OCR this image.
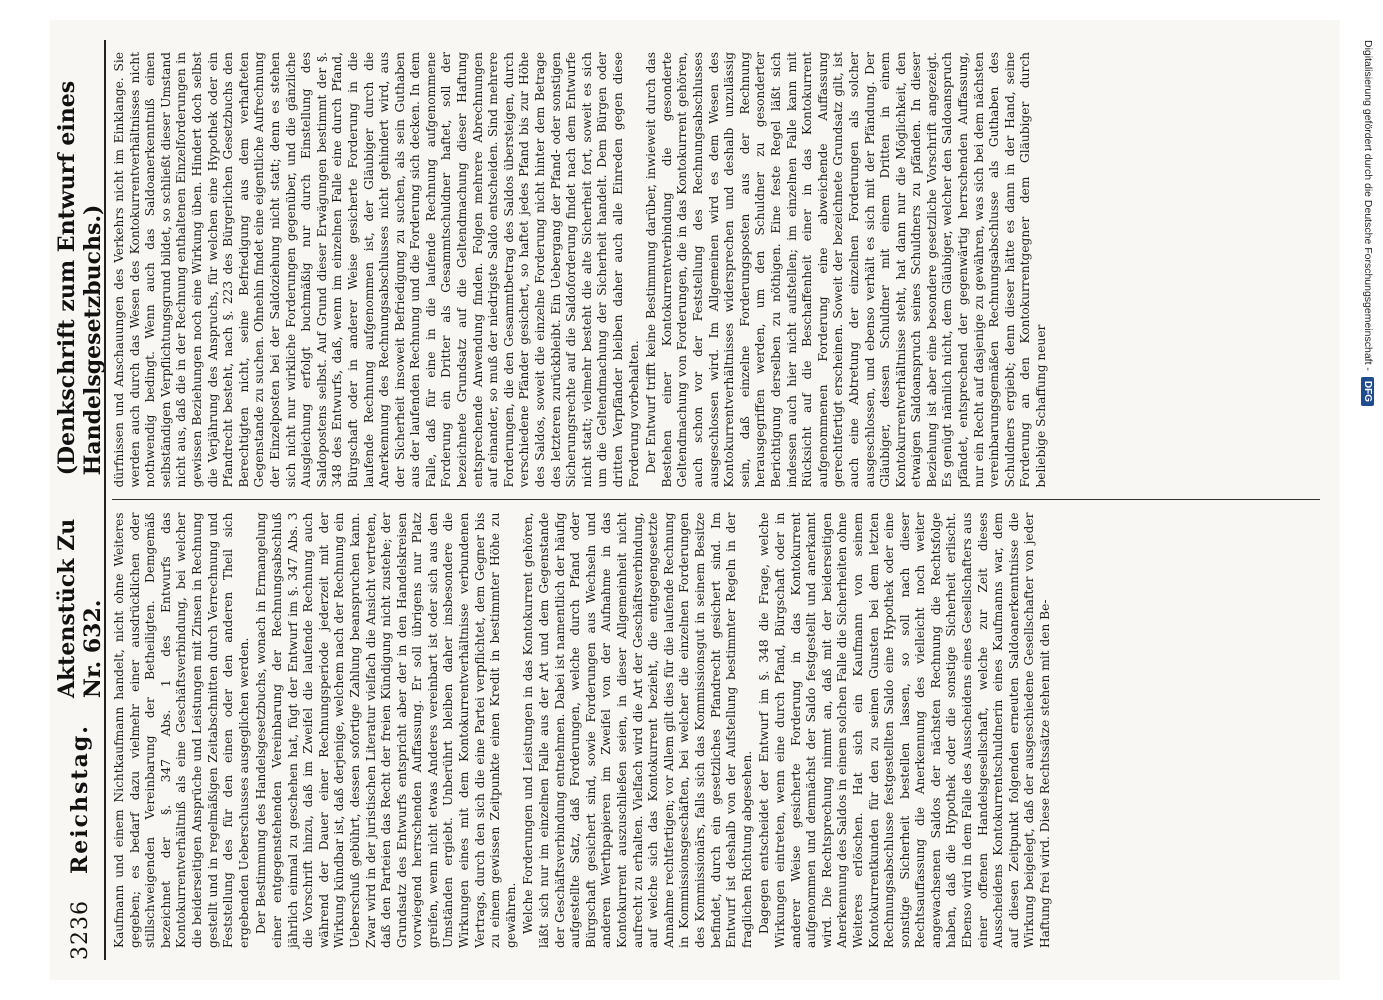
3236
Reichstag.
Aktenstück Zu Nr. 632.
(Denkschrift zum Entwurf eines Handelsgesetzbuchs.)

Kaufmann und einem Nichtkaufmann handelt, nicht ohne Weiteres gegeben; es bedarf dazu vielmehr einer ausdrücklichen oder stillschweigenden Vereinbarung der Betheiligten. Demgemäß bezeichnet der §. 347 Abs. 1 des Entwurfs das Kontokurrentverhältniß als eine Geschäftsverbindung, bei welcher die beiderseitigen Ansprüche und Leistungen mit Zinsen in Rechnung gestellt und in regelmäßigen Zeitabschnitten durch Verrechnung und Feststellung des für den einen oder den anderen Theil sich ergebenden Ueberschusses ausgeglichen werden. Der Bestimmung des Handelsgesetzbuchs, wonach in Ermangelung einer entgegenstehenden Vereinbarung der Rechnungsabschluß jährlich einmal zu geschehen hat, fügt der Entwurf im §. 347 Abs. 3 die Vorschrift hinzu, daß im Zweifel die laufende Rechnung auch während der Dauer einer Rechnungsperiode jederzeit mit der Wirkung kündbar ist, daß derjenige, welchem nach der Rechnung ein Ueberschuß gebührt, dessen sofortige Zahlung beanspruchen kann. Zwar wird in der juristischen Literatur vielfach die Ansicht vertreten, daß den Parteien das Recht der freien Kündigung nicht zustehe; der Grundsatz des Entwurfs entspricht aber der in den Handelskreisen vorwiegend herrschenden Auffassung. Er soll übrigens nur Platz greifen, wenn nicht etwas Anderes vereinbart ist oder sich aus den Umständen ergiebt. Unberührt bleiben daher insbesondere die Wirkungen eines mit dem Kontokurrentverhältnisse verbundenen Vertrags, durch den sich die eine Partei verpflichtet, dem Gegner bis zu einem gewissen Zeitpunkte einen Kredit in bestimmter Höhe zu gewähren. Welche Forderungen und Leistungen in das Kontokurrent gehören, läßt sich nur im einzelnen Falle aus der Art und dem Gegenstande der Geschäftsverbindung entnehmen. Dabei ist namentlich der häufig aufgestellte Satz, daß Forderungen, welche durch Pfand oder Bürgschaft gesichert sind, sowie Forderungen aus Wechseln und anderen Werthpapieren im Zweifel von der Aufnahme in das Kontokurrent auszuschließen seien, in dieser Allgemeinheit nicht aufrecht zu erhalten. Vielfach wird die Art der Geschäftsverbindung, auf welche sich das Kontokurrent bezieht, die entgegengesetzte Annahme rechtfertigen; vor Allem gilt dies für die laufende Rechnung in Kommissionsgeschäften, bei welcher die einzelnen Forderungen des Kommissionärs, falls sich das Kommissionsgut in seinem Besitze befindet, durch ein gesetzliches Pfandrecht gesichert sind. Im Entwurf ist deshalb von der Aufstellung bestimmter Regeln in der fraglichen Richtung abgesehen. Dagegen entscheidet der Entwurf im §. 348 die Frage, welche Wirkungen eintreten, wenn eine durch Pfand, Bürgschaft oder in anderer Weise gesicherte Forderung in das Kontokurrent aufgenommen und demnächst der Saldo festgestellt und anerkannt wird. Die Rechtsprechung nimmt an, daß mit der beiderseitigen Anerkennung des Saldos in einem solchen Falle die Sicherheiten ohne Weiteres erlöschen. Hat sich ein Kaufmann von seinem Kontokurrentkunden für den zu seinen Gunsten bei dem letzten Rechnungsabschlusse festgestellten Saldo eine Hypothek oder eine sonstige Sicherheit bestellen lassen, so soll nach dieser Rechtsauffassung die Anerkennung des vielleicht noch weiter angewachsenen Saldos der nächsten Rechnung die Rechtsfolge haben, daß die Hypothek oder die sonstige Sicherheit erlischt. Ebenso wird in dem Falle des Ausscheidens eines Gesellschafters aus einer offenen Handelsgesellschaft, welche zur Zeit dieses Ausscheidens Kontokurrentschuldnerin eines Kaufmanns war, dem auf diesen Zeitpunkt folgenden erneuten Saldoanerkenntnisse die Wirkung beigelegt, daß der ausgeschiedene Gesellschafter von jeder Haftung frei wird. Diese Rechtssätze stehen mit den Be-

dürfnissen und Anschauungen des Verkehrs nicht im Einklange. Sie werden auch durch das Wesen des Kontokurrentverhältnisses nicht nothwendig bedingt. Wenn auch das Saldoanerkenntniß einen selbständigen Verpflichtungsgrund bildet, so schließt dieser Umstand nicht aus, daß die in der Rechnung enthaltenen Einzelforderungen in gewissen Beziehungen noch eine Wirkung üben. Hindert doch selbst die Verjährung des Anspruchs, für welchen eine Hypothek oder ein Pfandrecht besteht, nach §. 223 des Bürgerlichen Gesetzbuchs den Berechtigten nicht, seine Befriedigung aus dem verhafteten Gegenstande zu suchen. Ohnehin findet eine eigentliche Aufrechnung der Einzelposten bei der Saldoziehung nicht statt; denn es stehen sich nicht nur wirkliche Forderungen gegenüber, und die gänzliche Ausgleichung erfolgt buchmäßig nur durch Einstellung des Saldopostens selbst. Auf Grund dieser Erwägungen bestimmt der §. 348 des Entwurfs, daß, wenn im einzelnen Falle eine durch Pfand, Bürgschaft oder in anderer Weise gesicherte Forderung in die laufende Rechnung aufgenommen ist, der Gläubiger durch die Anerkennung des Rechnungsabschlusses nicht gehindert wird, aus der Sicherheit insoweit Befriedigung zu suchen, als sein Guthaben aus der laufenden Rechnung und die Forderung sich decken. In dem Falle, daß für eine in die laufende Rechnung aufgenommene Forderung ein Dritter als Gesammtschuldner haftet, soll der bezeichnete Grundsatz auf die Geltendmachung dieser Haftung entsprechende Anwendung finden. Folgen mehrere Abrechnungen auf einander, so muß der niedrigste Saldo entscheiden. Sind mehrere Forderungen, die den Gesammtbetrag des Saldos übersteigen, durch verschiedene Pfänder gesichert, so haftet jedes Pfand bis zur Höhe des Saldos, soweit die einzelne Forderung nicht hinter dem Betrage des letzteren zurückbleibt. Ein Uebergang der Pfand- oder sonstigen Sicherungsrechte auf die Saldoforderung findet nach dem Entwurfe nicht statt; vielmehr besteht die alte Sicherheit fort, soweit es sich um die Geltendmachung der Sicherheit handelt. Dem Bürgen oder dritten Verpfänder bleiben daher auch alle Einreden gegen diese Forderung vorbehalten. Der Entwurf trifft keine Bestimmung darüber, inwieweit durch das Bestehen einer Kontokurrentverbindung die gesonderte Geltendmachung von Forderungen, die in das Kontokurrent gehören, auch schon vor der Feststellung des Rechnungsabschlusses ausgeschlossen wird. Im Allgemeinen wird es dem Wesen des Kontokurrentverhältnisses widersprechen und deshalb unzulässig sein, daß einzelne Forderungsposten aus der Rechnung herausgegriffen werden, um den Schuldner zu gesonderter Berichtigung derselben zu nöthigen. Eine feste Regel läßt sich indessen auch hier nicht aufstellen; im einzelnen Falle kann mit Rücksicht auf die Beschaffenheit einer in das Kontokurrent aufgenommenen Forderung eine abweichende Auffassung gerechtfertigt erscheinen. Soweit der bezeichnete Grundsatz gilt, ist auch eine Abtretung der einzelnen Forderungen als solcher ausgeschlossen, und ebenso verhält es sich mit der Pfändung. Der Gläubiger, dessen Schuldner mit einem Dritten in einem Kontokurrentverhältnisse steht, hat dann nur die Möglichkeit, den etwaigen Saldoanspruch seines Schuldners zu pfänden. In dieser Beziehung ist aber eine besondere gesetzliche Vorschrift angezeigt. Es genügt nämlich nicht, dem Gläubiger, welcher den Saldoanspruch pfändet, entsprechend der gegenwärtig herrschenden Auffassung, nur ein Recht auf dasjenige zu gewähren, was sich bei dem nächsten vereinbarungsgemäßen Rechnungsabschlusse als Guthaben des Schuldners ergiebt; denn dieser hätte es dann in der Hand, seine Forderung an den Kontokurrentgegner dem Gläubiger durch beliebige Schaffung neuer

Digitalisierung gefördert durch die Deutsche Forschungsgemeinschaft -
DFG
